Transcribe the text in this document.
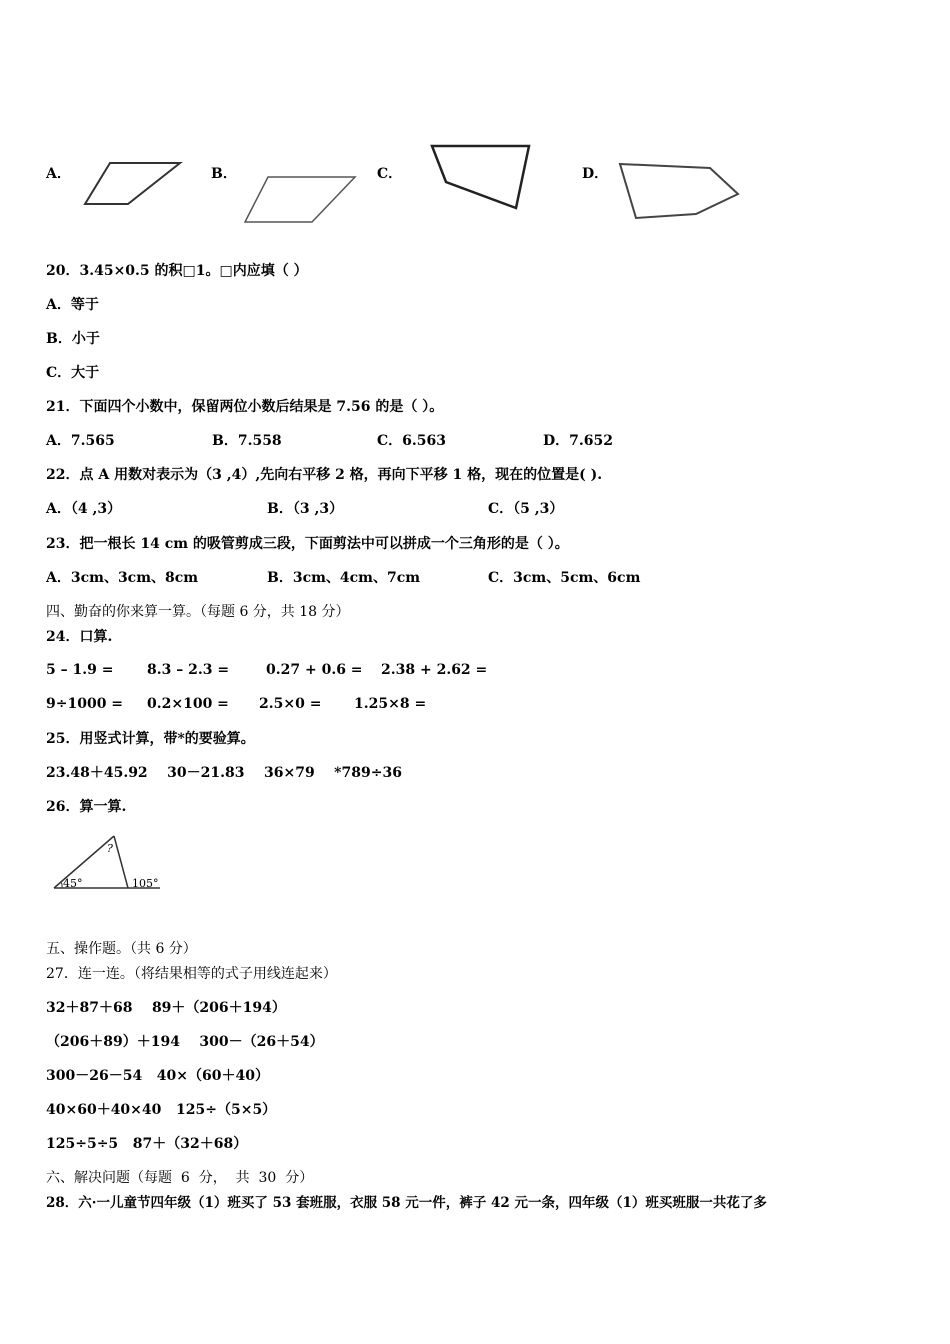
A．	B．	C．	D．
20．3.45×0.5 的积□1。□内应填（ ）
A．等于
B．小于
C．大于
21．下面四个小数中，保留两位小数后结果是 7.56 的是（ ）。
A．7.565	B．7.558	C．6.563	D．7.652
22．点 A 用数对表示为（3 ,4）,先向右平移 2 格，再向下平移 1 格，现在的位置是( ).
A．（4 ,3）	B．（3 ,3）	C．（5 ,3）
23．把一根长 14 cm 的吸管剪成三段，下面剪法中可以拼成一个三角形的是（ ）。
A．3cm、3cm、8cm	B．3cm、4cm、7cm	C．3cm、5cm、6cm
四、勤奋的你来算一算。（每题 6 分，共 18 分）
24．口算.
5 – 1.9 = 8.3 – 2.3 =	0.27 + 0.6 = 2.38 + 2.62 =
9÷1000 = 0.2×100 = 2.5×0 = 1.25×8 =
25．用竖式计算，带*的要验算。
23.48＋45.92    30－21.83    36×79    *789÷36
26．算一算.
45°	105°
?
五、操作题。（共 6 分）
27．连一连。（将结果相等的式子用线连起来）
32＋87＋68    89＋（206＋194）
（206＋89）＋194    300－（26＋54）
300－26－54   40×（60＋40）
40×60＋40×40   125÷（5×5）
125÷5÷5   87＋（32＋68）
六、解决问题（每题  6  分，  共  30  分）
28．六·一儿童节四年级（1）班买了 53 套班服，衣服 58 元一件，裤子 42 元一条，四年级（1）班买班服一共花了多
